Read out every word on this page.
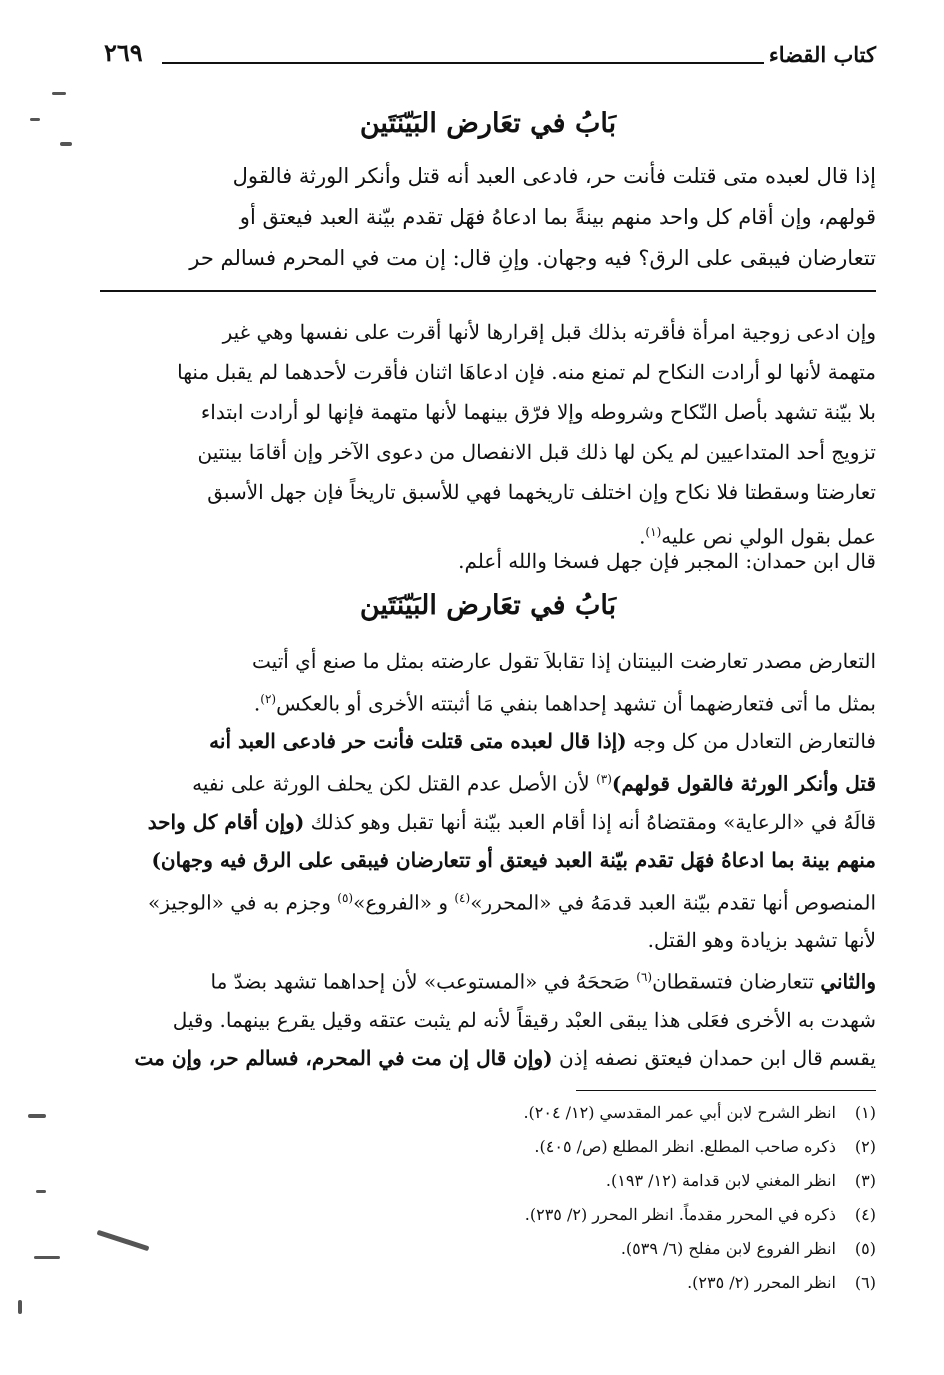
كتاب القضاء
٢٦٩
بَابُ في تعَارض البَيّنَتَين
إذا قال لعبده متى قتلت فأنت حر، فادعى العبد أنه قتل وأنكر الورثة فالقول
قولهم، وإن أقام كل واحد منهم بينةً بما ادعاهُ فهَل تقدم بيّنة العبد فيعتق أو
تتعارضان فيبقى على الرق؟ فيه وجهان. وإنِ قال: إن مت في المحرم فسالم حر
وإن ادعى زوجية امرأة فأقرته بذلك قبل إقرارها لأنها أقرت على نفسها وهي غير
متهمة لأنها لو أرادت النكاح لم تمنع منه. فإن ادعاهَا اثنان فأقرت لأحدهما لم يقبل منها
بلا بيّنة تشهد بأصل النّكاح وشروطه وإلا فرّق بينهما لأنها متهمة فإنها لو أرادت ابتداء
تزويج أحد المتداعيين لم يكن لها ذلك قبل الانفصال من دعوى الآخر وإن أقامَا بينتين
تعارضتا وسقطتا فلا نكاح وإن اختلف تاريخهما فهي للأسبق تاريخاً فإن جهل الأسبق
عمل بقول الولي نص عليه$^{(١)}$.
قال ابن حمدان: المجبر فإن جهل فسخا والله أعلم.
بَابُ في تعَارض البَيّنَتَين
التعارض مصدر تعارضت البينتان إذا تقابلاَ تقول عارضته بمثل ما صنع أي أتيت
بمثل ما أتى فتعارضهما أن تشهد إحداهما بنفي مَا أثبتته الأخرى أو بالعكس$^{(٢)}$.
فالتعارض التعادل من كل وجه (إذا قال لعبده متى قتلت فأنت حر فادعى العبد أنه
قتل وأنكر الورثة فالقول قولهم)$^{(٣)}$ لأن الأصل عدم القتل لكن يحلف الورثة على نفيه
قالَهُ في «الرعاية» ومقتضاهُ أنه إذا أقام العبد بيّنة أنها تقبل وهو كذلك (وإن أقام كل واحد
منهم بينة بما ادعاهُ فهَل تقدم بيّنة العبد فيعتق أو تتعارضان فيبقى على الرق فيه وجهان)
المنصوص أنها تقدم بيّنة العبد قدمَهُ في «المحرر»$^{(٤)}$ و «الفروع»$^{(٥)}$ وجزم به في «الوجيز»
لأنها تشهد بزيادة وهو القتل.
والثاني تتعارضان فتسقطان$^{(٦)}$ صَححَهُ في «المستوعب» لأن إحداهما تشهد بضدّ ما
شهدت به الأخرى فعَلى هذا يبقى العبْد رقيقاً لأنه لم يثبت عتقه وقيل يقرع بينهما. وقيل
يقسم قال ابن حمدان فيعتق نصفه إذن (وإن قال إن مت في المحرم، فسالم حر، وإن مت
(١)انظر الشرح لابن أبي عمر المقدسي (١٢/ ٢٠٤).
(٢)ذكره صاحب المطلع. انظر المطلع (ص/ ٤٠٥).
(٣)انظر المغني لابن قدامة (١٢/ ١٩٣).
(٤)ذكره في المحرر مقدماً. انظر المحرر (٢/ ٢٣٥).
(٥)انظر الفروع لابن مفلح (٦/ ٥٣٩).
(٦)انظر المحرر (٢/ ٢٣٥).
